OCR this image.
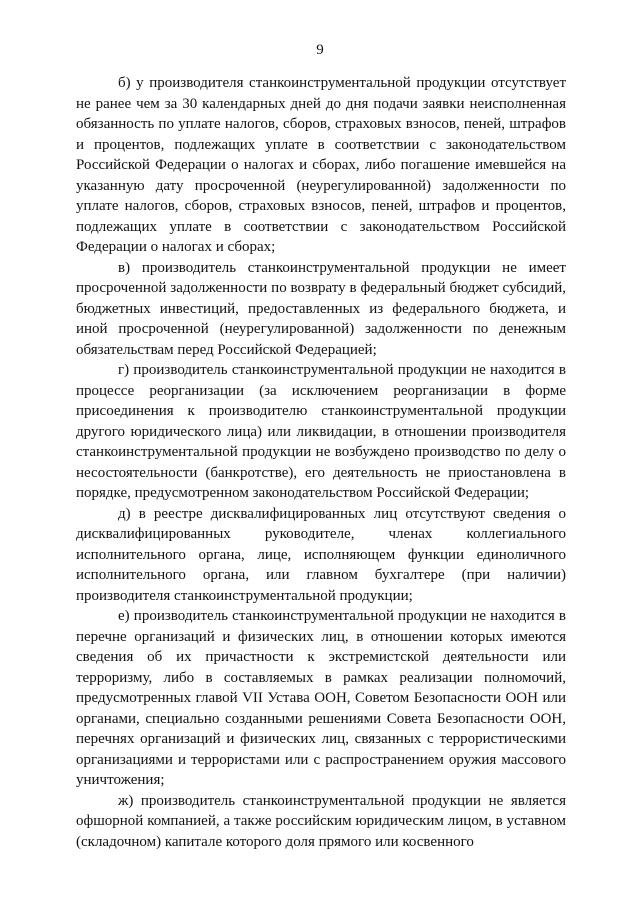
9

б) у производителя станкоинструментальной продукции отсутствует не ранее чем за 30 календарных дней до дня подачи заявки неисполненная обязанность по уплате налогов, сборов, страховых взносов, пеней, штрафов и процентов, подлежащих уплате в соответствии с законодательством Российской Федерации о налогах и сборах, либо погашение имевшейся на указанную дату просроченной (неурегулированной) задолженности по уплате налогов, сборов, страховых взносов, пеней, штрафов и процентов, подлежащих уплате в соответствии с законодательством Российской Федерации о налогах и сборах;

в) производитель станкоинструментальной продукции не имеет просроченной задолженности по возврату в федеральный бюджет субсидий, бюджетных инвестиций, предоставленных из федерального бюджета, и иной просроченной (неурегулированной) задолженности по денежным обязательствам перед Российской Федерацией;

г) производитель станкоинструментальной продукции не находится в процессе реорганизации (за исключением реорганизации в форме присоединения к производителю станкоинструментальной продукции другого юридического лица) или ликвидации, в отношении производителя станкоинструментальной продукции не возбуждено производство по делу о несостоятельности (банкротстве), его деятельность не приостановлена в порядке, предусмотренном законодательством Российской Федерации;

д) в реестре дисквалифицированных лиц отсутствуют сведения о дисквалифицированных руководителе, членах коллегиального исполнительного органа, лице, исполняющем функции единоличного исполнительного органа, или главном бухгалтере (при наличии) производителя станкоинструментальной продукции;

е) производитель станкоинструментальной продукции не находится в перечне организаций и физических лиц, в отношении которых имеются сведения об их причастности к экстремистской деятельности или терроризму, либо в составляемых в рамках реализации полномочий, предусмотренных главой VII Устава ООН, Советом Безопасности ООН или органами, специально созданными решениями Совета Безопасности ООН, перечнях организаций и физических лиц, связанных с террористическими организациями и террористами или с распространением оружия массового уничтожения;

ж) производитель станкоинструментальной продукции не является офшорной компанией, а также российским юридическим лицом, в уставном (складочном) капитале которого доля прямого или косвенного
